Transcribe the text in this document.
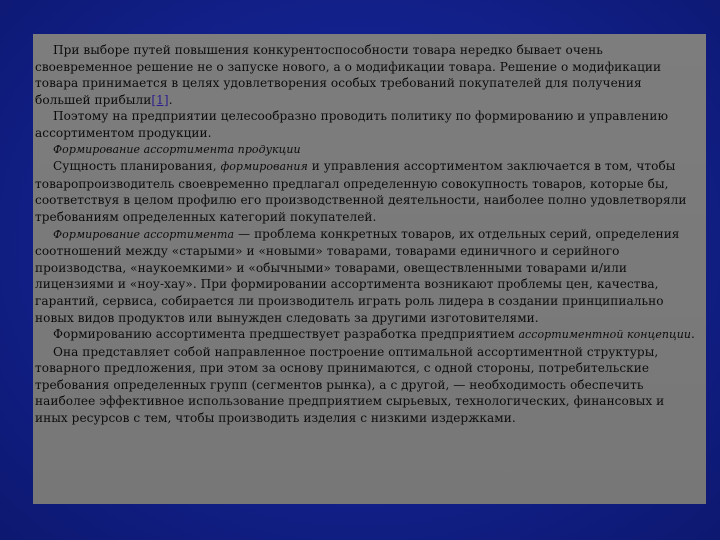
При выборе путей повышения конкурентоспособности товара нередко бывает очень своевременное решение не о запуске нового, а о модификации товара. Решение о модификации товара принимается в целях удовлетворения особых требований покупателей для получения большей прибыли[1].

Поэтому на предприятии целесообразно проводить политику по формированию и управлению ассортиментом продукции.

Формирование ассортимента продукции

Сущность планирования, формирования и управления ассортиментом заключается в том, чтобы товаропроизводитель своевременно предлагал определенную совокупность товаров, которые бы, соответствуя в целом профилю его производственной деятельности, наиболее полно удовлетворяли требованиям определенных категорий покупателей.

Формирование ассортимента — проблема конкретных товаров, их отдельных серий, определения соотношений между «старыми» и «новыми» товарами, товарами единичного и серийного производства, «наукоемкими» и «обычными» товарами, овеществленными товарами и/или лицензиями и «ноу-хау». При формировании ассортимента возникают проблемы цен, качества, гарантий, сервиса, собирается ли производитель играть роль лидера в создании принципиально новых видов продуктов или вынужден следовать за другими изготовителями.

Формированию ассортимента предшествует разработка предприятием ассортиментной концепции.

Она представляет собой направленное построение оптимальной ассортиментной структуры, товарного предложения, при этом за основу принимаются, с одной стороны, потребительские требования определенных групп (сегментов рынка), а с другой, — необходимость обеспечить наиболее эффективное использование предприятием сырьевых, технологических, финансовых и иных ресурсов с тем, чтобы производить изделия с низкими издержками.
